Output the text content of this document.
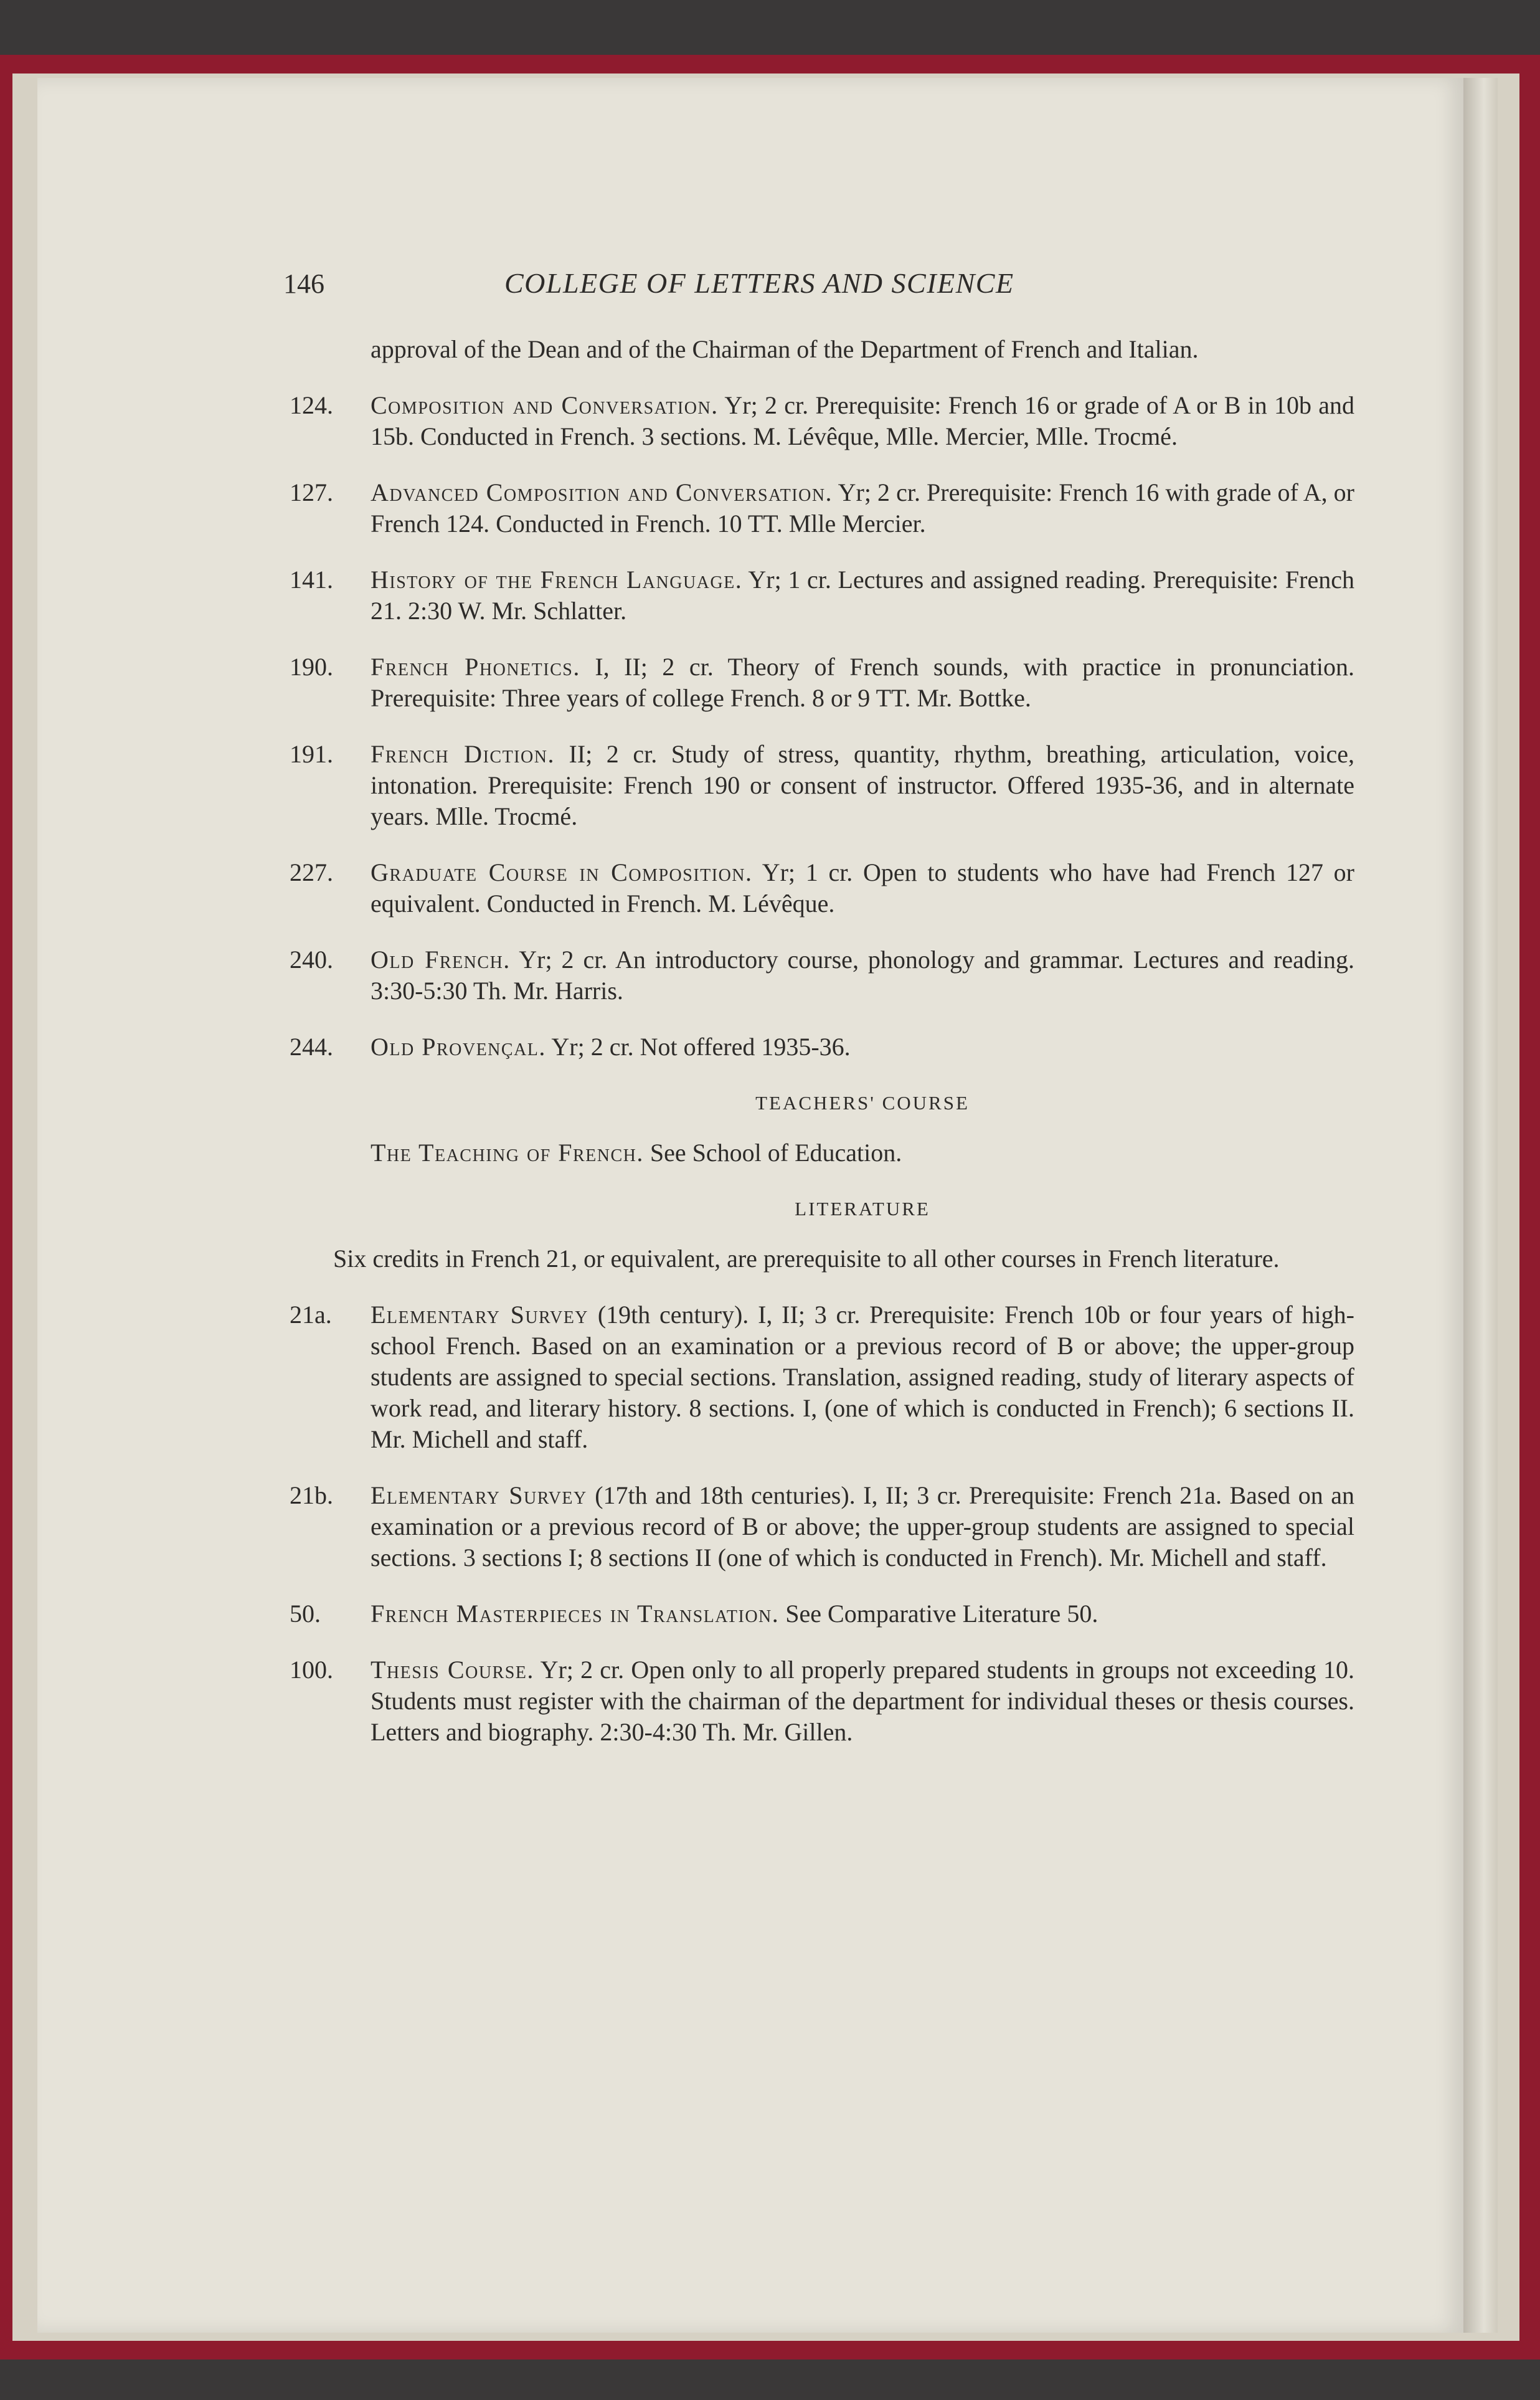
146	COLLEGE OF LETTERS AND SCIENCE
approval of the Dean and of the Chairman of the Department of French and Italian.
124.	Composition and Conversation. Yr; 2 cr. Prerequisite: French 16 or grade of A or B in 10b and 15b. Conducted in French. 3 sections. M. Lévêque, Mlle. Mercier, Mlle. Trocmé.
127.	Advanced Composition and Conversation. Yr; 2 cr. Prerequisite: French 16 with grade of A, or French 124. Conducted in French. 10 TT. Mlle Mercier.
141.	History of the French Language. Yr; 1 cr. Lectures and assigned reading. Prerequisite: French 21. 2:30 W. Mr. Schlatter.
190.	French Phonetics. I, II; 2 cr. Theory of French sounds, with practice in pronunciation. Prerequisite: Three years of college French. 8 or 9 TT. Mr. Bottke.
191.	French Diction. II; 2 cr. Study of stress, quantity, rhythm, breathing, articulation, voice, intonation. Prerequisite: French 190 or consent of instructor. Offered 1935-36, and in alternate years. Mlle. Trocmé.
227.	Graduate Course in Composition. Yr; 1 cr. Open to students who have had French 127 or equivalent. Conducted in French. M. Lévêque.
240.	Old French. Yr; 2 cr. An introductory course, phonology and grammar. Lectures and reading. 3:30-5:30 Th. Mr. Harris.
244.	Old Provençal. Yr; 2 cr. Not offered 1935-36.
TEACHERS' COURSE
The Teaching of French. See School of Education.
LITERATURE
Six credits in French 21, or equivalent, are prerequisite to all other courses in French literature.
21a.	Elementary Survey (19th century). I, II; 3 cr. Prerequisite: French 10b or four years of high-school French. Based on an examination or a previous record of B or above; the upper-group students are assigned to special sections. Translation, assigned reading, study of literary aspects of work read, and literary history. 8 sections. I, (one of which is conducted in French); 6 sections II. Mr. Michell and staff.
21b.	Elementary Survey (17th and 18th centuries). I, II; 3 cr. Prerequisite: French 21a. Based on an examination or a previous record of B or above; the upper-group students are assigned to special sections. 3 sections I; 8 sections II (one of which is conducted in French). Mr. Michell and staff.
50.	French Masterpieces in Translation. See Comparative Literature 50.
100.	Thesis Course. Yr; 2 cr. Open only to all properly prepared students in groups not exceeding 10. Students must register with the chairman of the department for individual theses or thesis courses. Letters and biography. 2:30-4:30 Th. Mr. Gillen.
